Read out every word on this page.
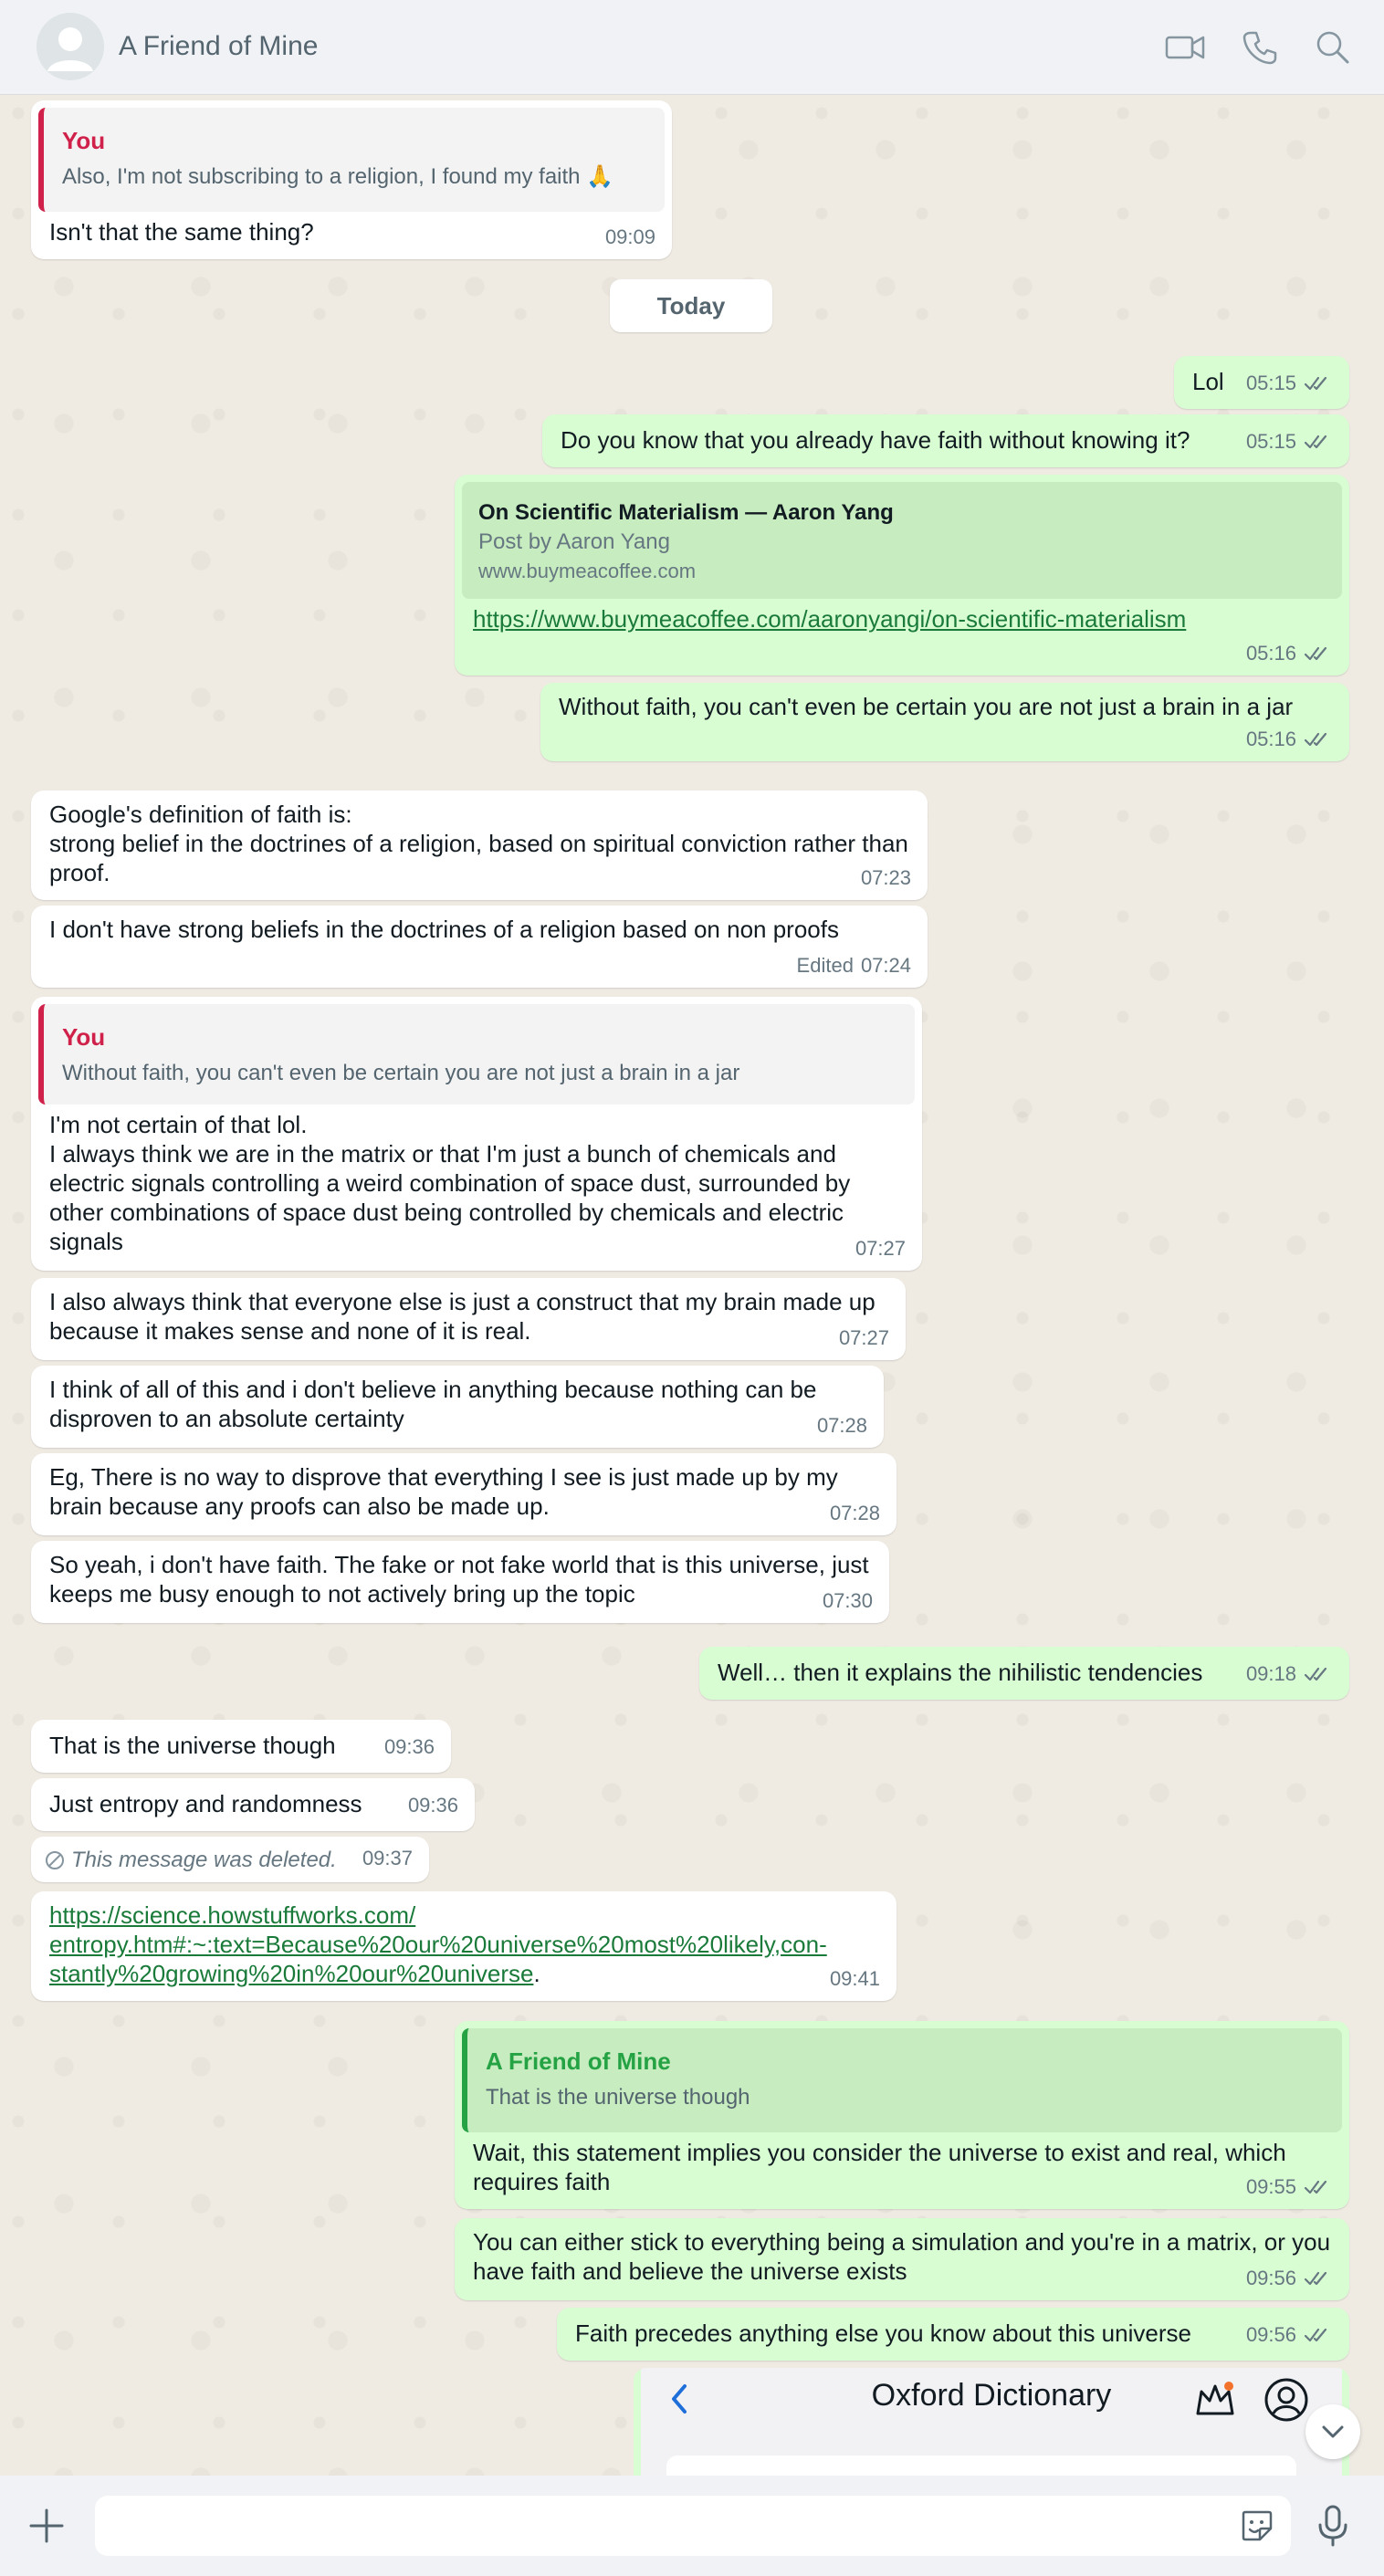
A Friend of Mine
You
Also, I'm not subscribing to a religion, I found my faith 🙏
Isn't that the same thing?	09:09
Today
Lol	05:15
Do you know that you already have faith without knowing it?	05:15
On Scientific Materialism — Aaron Yang
Post by Aaron Yang
www.buymeacoffee.com
https://www.buymeacoffee.com/aaronyangi/on-scientific-materialism
05:16
Without faith, you can't even be certain you are not just a brain in a jar
05:16
Google's definition of faith is:
strong belief in the doctrines of a religion, based on spiritual conviction rather than proof.	07:23
I don't have strong beliefs in the doctrines of a religion based on non proofs
Edited 07:24
You
Without faith, you can't even be certain you are not just a brain in a jar
I'm not certain of that lol.
I always think we are in the matrix or that I'm just a bunch of chemicals and electric signals controlling a weird combination of space dust, surrounded by other combinations of space dust being controlled by chemicals and electric signals	07:27
I also always think that everyone else is just a construct that my brain made up because it makes sense and none of it is real.	07:27
I think of all of this and i don't believe in anything because nothing can be disproven to an absolute certainty	07:28
Eg, There is no way to disprove that everything I see is just made up by my brain because any proofs can also be made up.	07:28
So yeah, i don't have faith. The fake or not fake world that is this universe, just keeps me busy enough to not actively bring up the topic	07:30
Well… then it explains the nihilistic tendencies	09:18
That is the universe though	09:36
Just entropy and randomness	09:36
This message was deleted. 09:37
https://science.howstuffworks.com/
entropy.htm#:~:text=Because%20our%20universe%20most%20likely,con-
stantly%20growing%20in%20our%20universe.	09:41
A Friend of Mine
That is the universe though
Wait, this statement implies you consider the universe to exist and real, which requires faith	09:55
You can either stick to everything being a simulation and you're in a matrix, or you have faith and believe the universe exists	09:56
Faith precedes anything else you know about this universe	09:56
Oxford Dictionary
